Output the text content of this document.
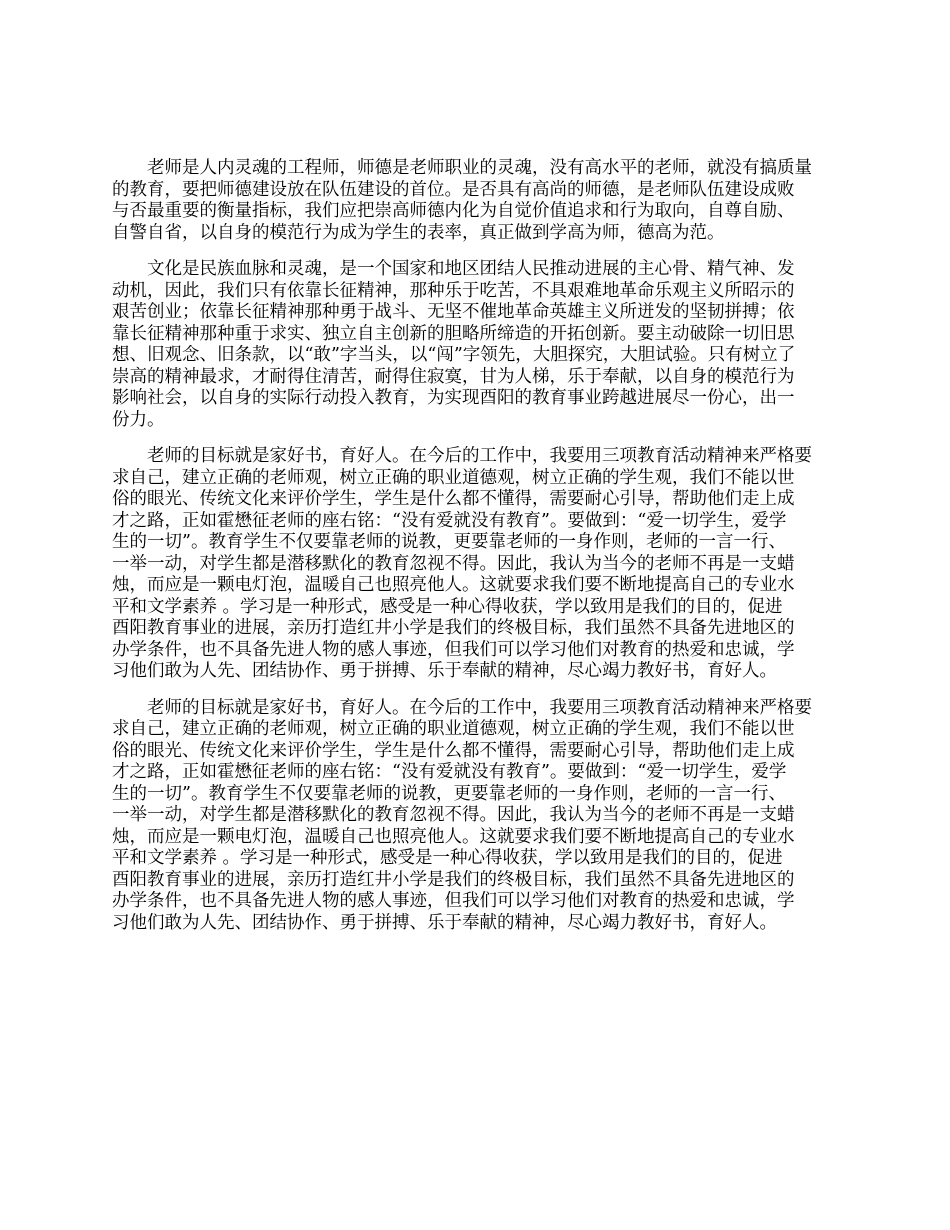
老师是人内灵魂的工程师，师德是老师职业的灵魂，没有高水平的老师，就没有搞质量
的教育，要把师德建设放在队伍建设的首位。是否具有高尚的师德，是老师队伍建设成败
与否最重要的衡量指标，我们应把崇高师德内化为自觉价值追求和行为取向，自尊自励、
自警自省，以自身的模范行为成为学生的表率，真正做到学高为师，德高为范。

文化是民族血脉和灵魂，是一个国家和地区团结人民推动进展的主心骨、精气神、发
动机，因此，我们只有依靠长征精神，那种乐于吃苦，不具艰难地革命乐观主义所昭示的
艰苦创业；依靠长征精神那种勇于战斗、无坚不催地革命英雄主义所迸发的坚韧拼搏；依
靠长征精神那种重于求实、独立自主创新的胆略所缔造的开拓创新。要主动破除一切旧思
想、旧观念、旧条款，以“敢”字当头，以“闯”字领先，大胆探究，大胆试验。只有树立了
崇高的精神最求，才耐得住清苦，耐得住寂寞，甘为人梯，乐于奉献，以自身的模范行为
影响社会，以自身的实际行动投入教育，为实现酉阳的教育事业跨越进展尽一份心，出一
份力。

老师的目标就是家好书，育好人。在今后的工作中，我要用三项教育活动精神来严格要
求自己，建立正确的老师观，树立正确的职业道德观，树立正确的学生观，我们不能以世
俗的眼光、传统文化来评价学生，学生是什么都不懂得，需要耐心引导，帮助他们走上成
才之路，正如霍懋征老师的座右铭：“没有爱就没有教育”。要做到：“爱一切学生，爱学
生的一切”。教育学生不仅要靠老师的说教，更要靠老师的一身作则，老师的一言一行、
一举一动，对学生都是潜移默化的教育忽视不得。因此，我认为当今的老师不再是一支蜡
烛，而应是一颗电灯泡，温暖自己也照亮他人。这就要求我们要不断地提高自己的专业水
平和文学素养 。学习是一种形式，感受是一种心得收获，学以致用是我们的目的，促进
酉阳教育事业的进展，亲历打造红井小学是我们的终极目标，我们虽然不具备先进地区的
办学条件，也不具备先进人物的感人事迹，但我们可以学习他们对教育的热爱和忠诚，学
习他们敢为人先、团结协作、勇于拼搏、乐于奉献的精神，尽心竭力教好书，育好人。

老师的目标就是家好书，育好人。在今后的工作中，我要用三项教育活动精神来严格要
求自己，建立正确的老师观，树立正确的职业道德观，树立正确的学生观，我们不能以世
俗的眼光、传统文化来评价学生，学生是什么都不懂得，需要耐心引导，帮助他们走上成
才之路，正如霍懋征老师的座右铭：“没有爱就没有教育”。要做到：“爱一切学生，爱学
生的一切”。教育学生不仅要靠老师的说教，更要靠老师的一身作则，老师的一言一行、
一举一动，对学生都是潜移默化的教育忽视不得。因此，我认为当今的老师不再是一支蜡
烛，而应是一颗电灯泡，温暖自己也照亮他人。这就要求我们要不断地提高自己的专业水
平和文学素养 。学习是一种形式，感受是一种心得收获，学以致用是我们的目的，促进
酉阳教育事业的进展，亲历打造红井小学是我们的终极目标，我们虽然不具备先进地区的
办学条件，也不具备先进人物的感人事迹，但我们可以学习他们对教育的热爱和忠诚，学
习他们敢为人先、团结协作、勇于拼搏、乐于奉献的精神，尽心竭力教好书，育好人。
